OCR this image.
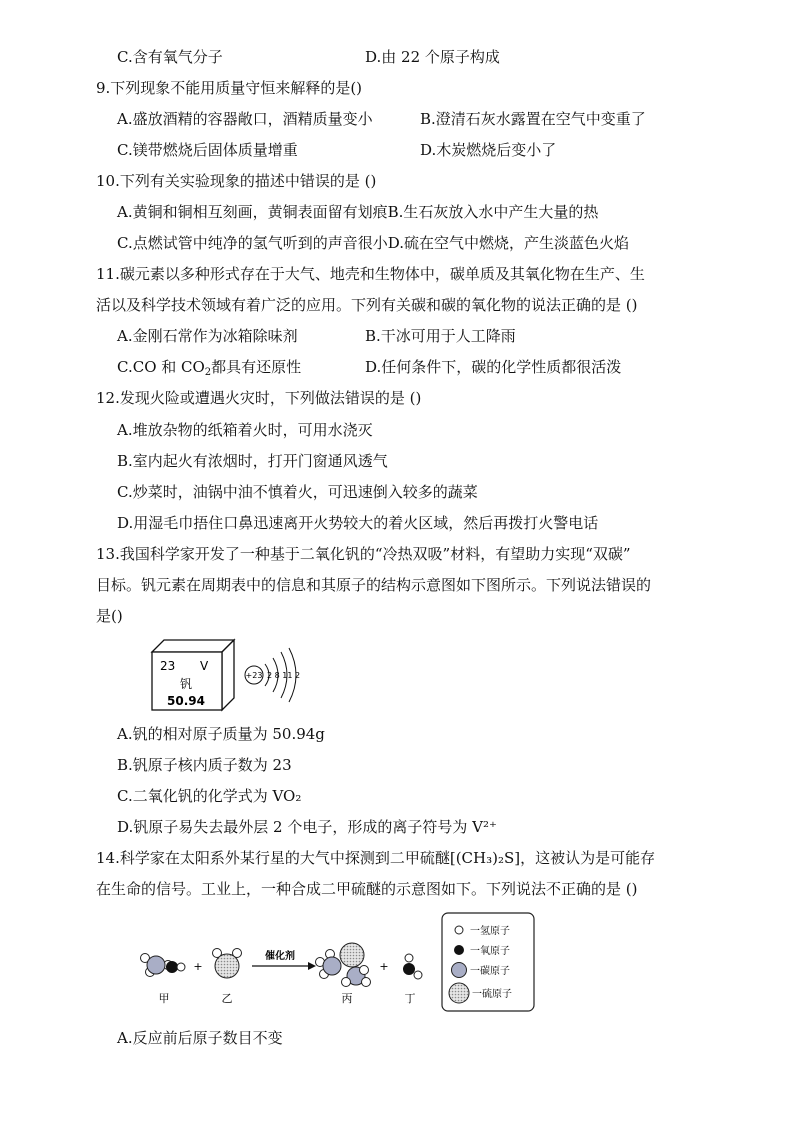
C.含有氧气分子	D.由 22 个原子构成
9.下列现象不能用质量守恒来解释的是()
A.盛放酒精的容器敞口，酒精质量变小	B.澄清石灰水露置在空气中变重了
C.镁带燃烧后固体质量增重	D.木炭燃烧后变小了
10.下列有关实验现象的描述中错误的是 ()
A.黄铜和铜相互刻画，黄铜表面留有划痕B.生石灰放入水中产生大量的热
C.点燃试管中纯净的氢气听到的声音很小D.硫在空气中燃烧，产生淡蓝色火焰
11.碳元素以多种形式存在于大气、地壳和生物体中，碳单质及其氧化物在生产、生
活以及科学技术领域有着广泛的应用。下列有关碳和碳的氧化物的说法正确的是 ()
A.金刚石常作为冰箱除味剂	B.干冰可用于人工降雨
C.CO 和 $CO_2$都具有还原性	D.任何条件下，碳的化学性质都很活泼
12.发现火险或遭遇火灾时，下列做法错误的是 ()
A.堆放杂物的纸箱着火时，可用水浇灭
B.室内起火有浓烟时，打开门窗通风透气
C.炒菜时，油锅中油不慎着火，可迅速倒入较多的蔬菜
D.用湿毛巾捂住口鼻迅速离开火势较大的着火区域，然后再拨打火警电话
13.我国科学家开发了一种基于二氧化钒的“冷热双吸”材料，有望助力实现“双碳”
目标。钒元素在周期表中的信息和其原子的结构示意图如下图所示。下列说法错误的
是()
23 V
钒
50.94
+23 2 8 11 2
A.钒的相对原子质量为 50.94g
B.钒原子核内质子数为 23
C.二氧化钒的化学式为 VO₂
D.钒原子易失去最外层 2 个电子，形成的离子符号为 V²⁺
14.科学家在太阳系外某行星的大气中探测到二甲硫醚[(CH₃)₂S]，这被认为是可能存
在生命的信号。工业上，一种合成二甲硫醚的示意图如下。下列说法不正确的是 ()
甲
+
乙
催化剂
丙
+
丁
一氢原子
一氧原子
一碳原子
一硫原子
A.反应前后原子数目不变
